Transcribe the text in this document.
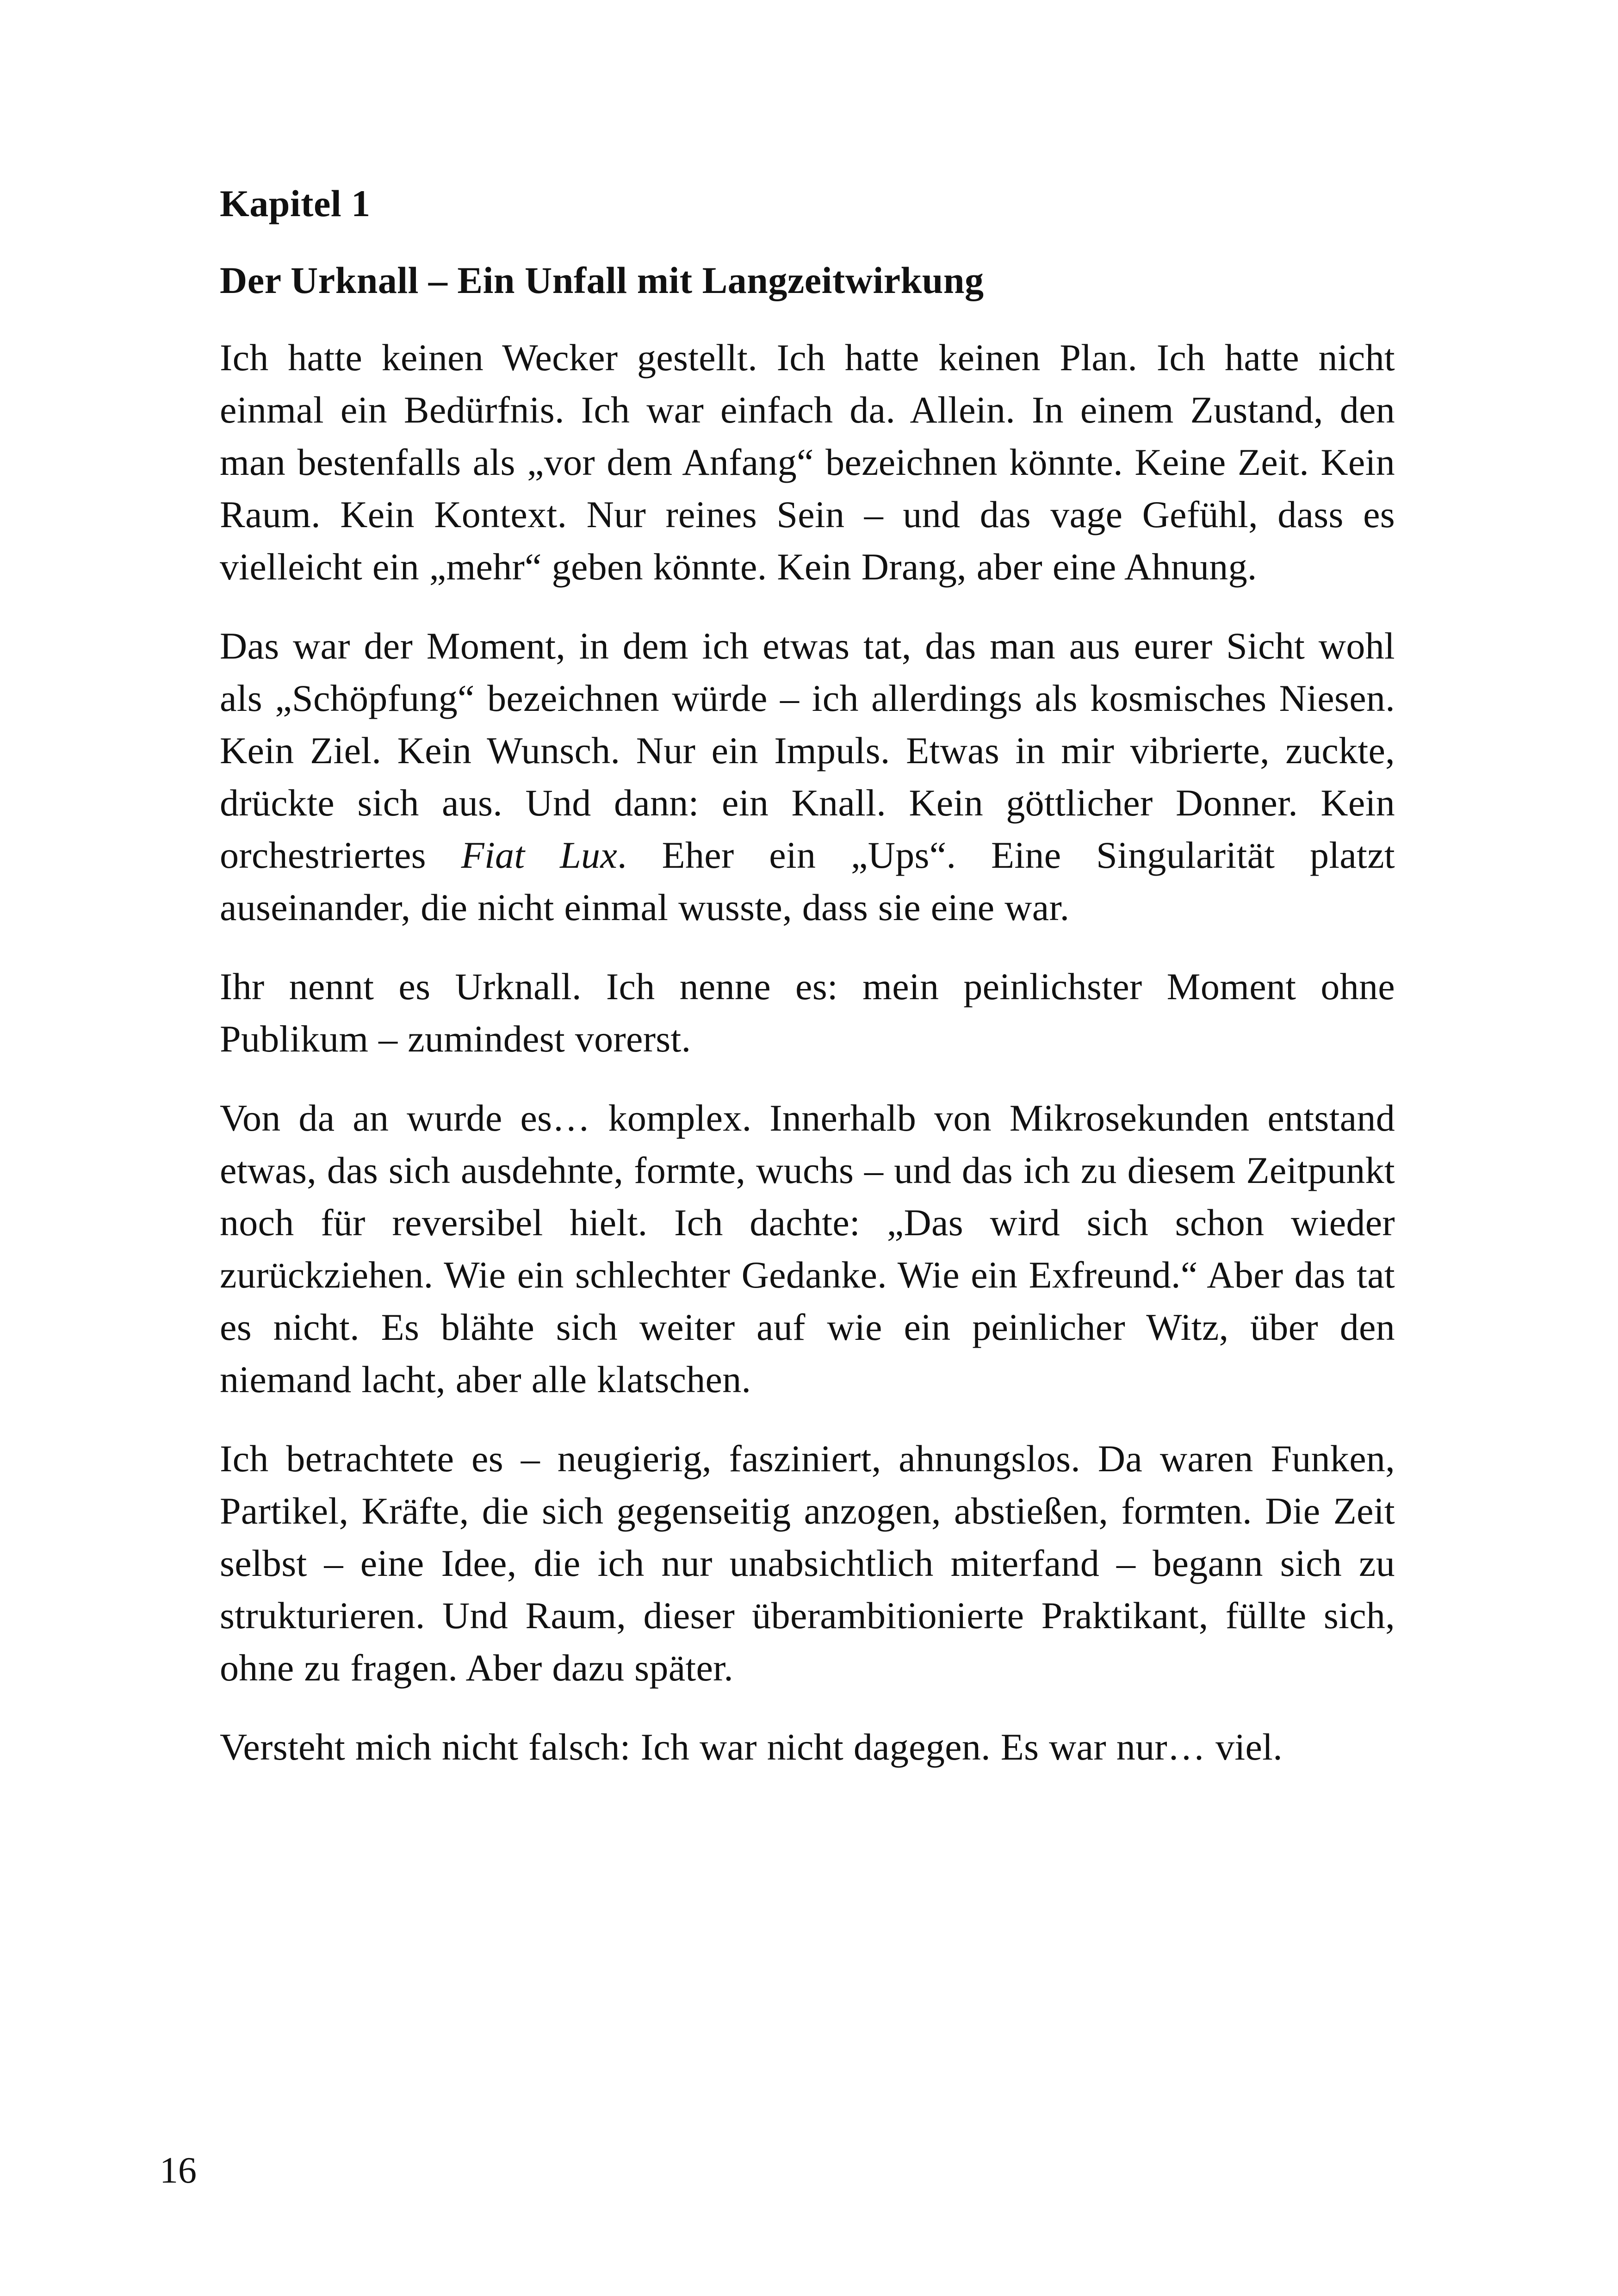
Kapitel 1
Der Urknall – Ein Unfall mit Langzeitwirkung

Ich hatte keinen Wecker gestellt. Ich hatte keinen Plan. Ich hatte nicht einmal ein Bedürfnis. Ich war einfach da. Allein. In einem Zustand, den man bestenfalls als „vor dem Anfang“ bezeichnen könnte. Keine Zeit. Kein Raum. Kein Kontext. Nur reines Sein – und das vage Gefühl, dass es vielleicht ein „mehr“ geben könnte. Kein Drang, aber eine Ahnung.

Das war der Moment, in dem ich etwas tat, das man aus eurer Sicht wohl als „Schöpfung“ bezeichnen würde – ich allerdings als kosmisches Niesen. Kein Ziel. Kein Wunsch. Nur ein Impuls. Etwas in mir vibrierte, zuckte, drückte sich aus. Und dann: ein Knall. Kein göttlicher Donner. Kein orchestriertes Fiat Lux. Eher ein „Ups“. Eine Singularität platzt auseinander, die nicht einmal wusste, dass sie eine war.

Ihr nennt es Urknall. Ich nenne es: mein peinlichster Moment ohne Publikum – zumindest vorerst.

Von da an wurde es… komplex. Innerhalb von Mikrosekunden entstand etwas, das sich ausdehnte, formte, wuchs – und das ich zu diesem Zeitpunkt noch für reversibel hielt. Ich dachte: „Das wird sich schon wieder zurückziehen. Wie ein schlechter Gedanke. Wie ein Exfreund.“ Aber das tat es nicht. Es blähte sich weiter auf wie ein peinlicher Witz, über den niemand lacht, aber alle klatschen.

Ich betrachtete es – neugierig, fasziniert, ahnungslos. Da waren Funken, Partikel, Kräfte, die sich gegenseitig anzogen, abstießen, formten. Die Zeit selbst – eine Idee, die ich nur unabsichtlich miterfand – begann sich zu strukturieren. Und Raum, dieser überambitionierte Praktikant, füllte sich, ohne zu fragen. Aber dazu später.

Versteht mich nicht falsch: Ich war nicht dagegen. Es war nur… viel.

16
